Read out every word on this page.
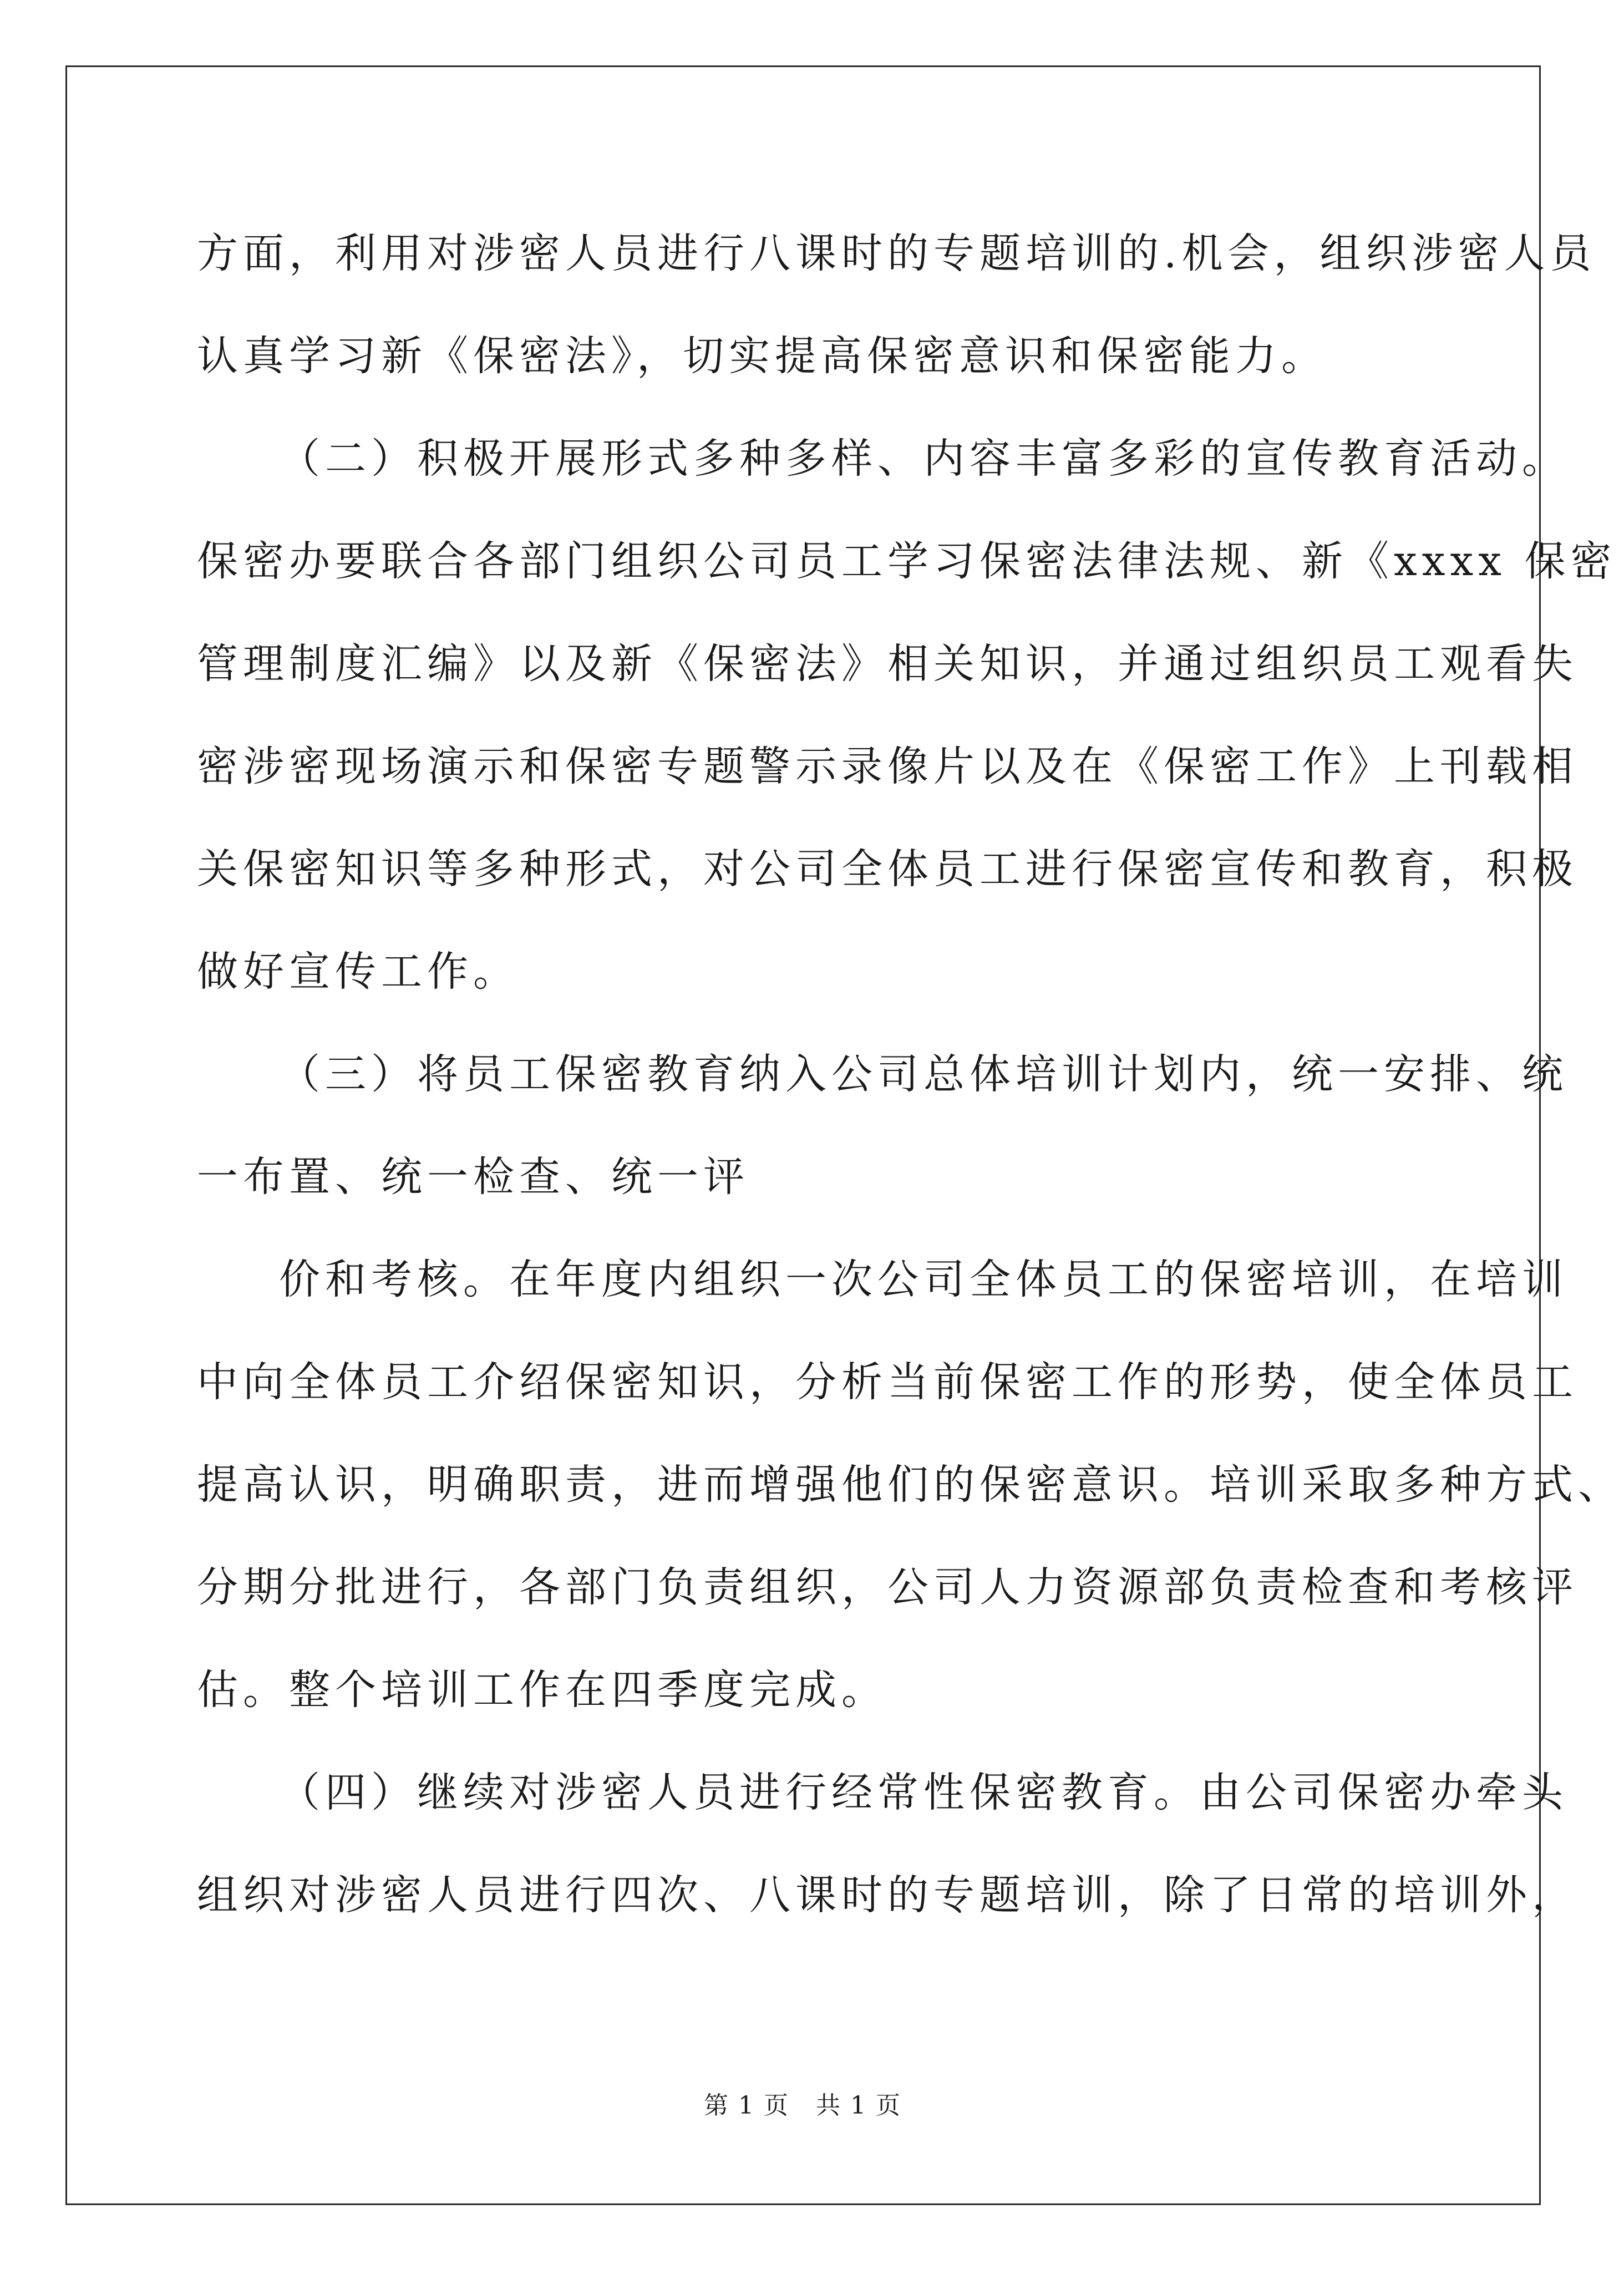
方面，利用对涉密人员进行八课时的专题培训的.机会，组织涉密人员
认真学习新《保密法》，切实提高保密意识和保密能力。
（二）积极开展形式多种多样、内容丰富多彩的宣传教育活动。
保密办要联合各部门组织公司员工学习保密法律法规、新《xxxx 保密
管理制度汇编》以及新《保密法》相关知识，并通过组织员工观看失
密涉密现场演示和保密专题警示录像片以及在《保密工作》上刊载相
关保密知识等多种形式，对公司全体员工进行保密宣传和教育，积极
做好宣传工作。
（三）将员工保密教育纳入公司总体培训计划内，统一安排、统
一布置、统一检查、统一评
价和考核。在年度内组织一次公司全体员工的保密培训，在培训
中向全体员工介绍保密知识，分析当前保密工作的形势，使全体员工
提高认识，明确职责，进而增强他们的保密意识。培训采取多种方式、
分期分批进行，各部门负责组织，公司人力资源部负责检查和考核评
估。整个培训工作在四季度完成。
（四）继续对涉密人员进行经常性保密教育。由公司保密办牵头
组织对涉密人员进行四次、八课时的专题培训，除了日常的培训外，
第 1 页 共 1 页
